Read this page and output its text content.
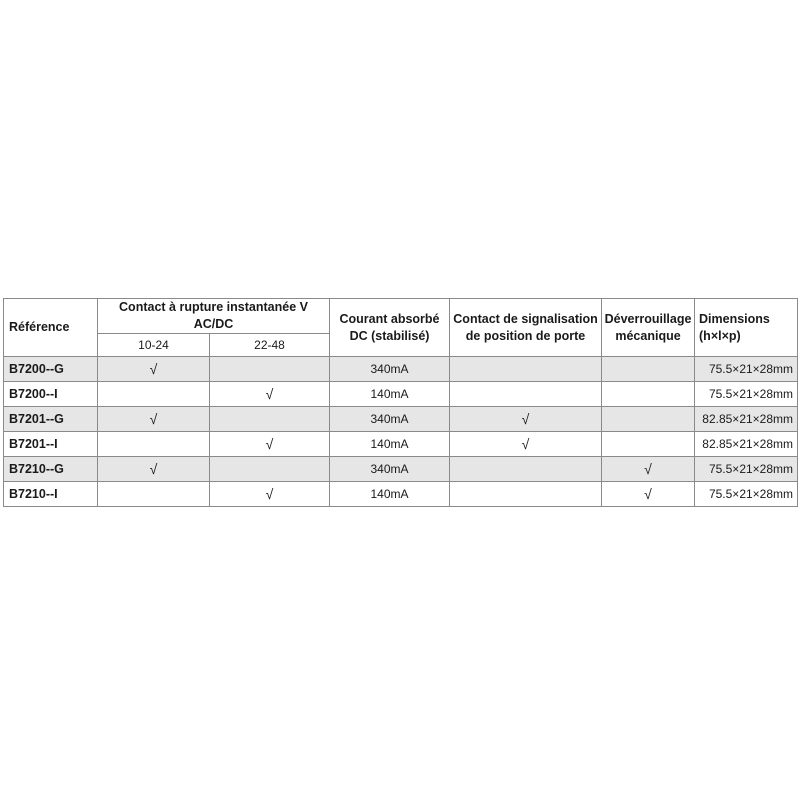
Référence	Contact à rupture instantanée V AC/DC		Courant absorbé DC (stabilisé)	Contact de signalisation de position de porte	Déverrouillage mécanique	Dimensions (h×l×p)
	10-24	22-48				
B7200--G	√		340mA			75.5×21×28mm
B7200--I		√	140mA			75.5×21×28mm
B7201--G	√		340mA	√		82.85×21×28mm
B7201--I		√	140mA	√		82.85×21×28mm
B7210--G	√		340mA		√	75.5×21×28mm
B7210--I		√	140mA		√	75.5×21×28mm
